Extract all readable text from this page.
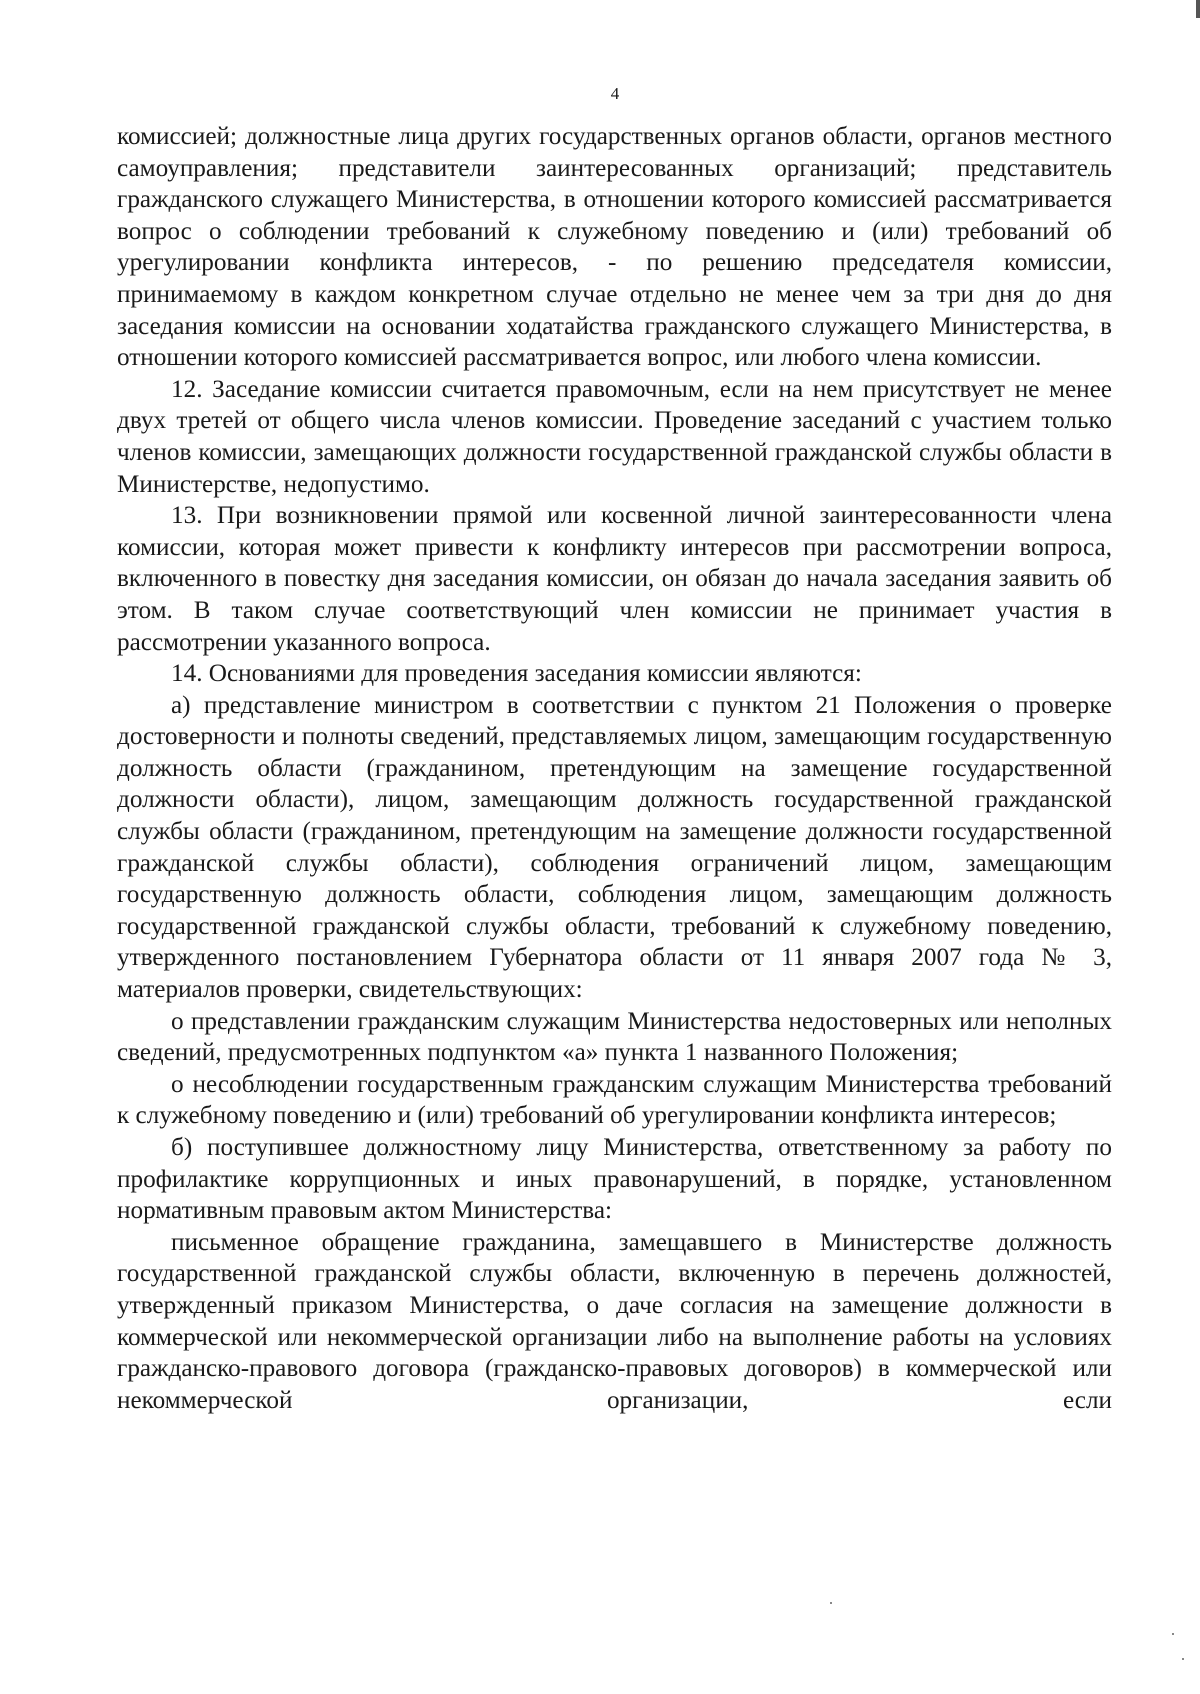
4

комиссией; должностные лица других государственных органов области, органов местного самоуправления; представители заинтересованных организаций; представитель гражданского служащего Министерства, в отношении которого комиссией рассматривается вопрос о соблюдении требований к служебному поведению и (или) требований об урегулировании конфликта интересов, - по решению председателя комиссии, принимаемому в каждом конкретном случае отдельно не менее чем за три дня до дня заседания комиссии на основании ходатайства гражданского служащего Министерства, в отношении которого комиссией рассматривается вопрос, или любого члена комиссии.

12. Заседание комиссии считается правомочным, если на нем присутствует не менее двух третей от общего числа членов комиссии. Проведение заседаний с участием только членов комиссии, замещающих должности государственной гражданской службы области в Министерстве, недопустимо.

13. При возникновении прямой или косвенной личной заинтересованности члена комиссии, которая может привести к конфликту интересов при рассмотрении вопроса, включенного в повестку дня заседания комиссии, он обязан до начала заседания заявить об этом. В таком случае соответствующий член комиссии не принимает участия в рассмотрении указанного вопроса.

14. Основаниями для проведения заседания комиссии являются:

а) представление министром в соответствии с пунктом 21 Положения о проверке достоверности и полноты сведений, представляемых лицом, замещающим государственную должность области (гражданином, претендующим на замещение государственной должности области), лицом, замещающим должность государственной гражданской службы области (гражданином, претендующим на замещение должности государственной гражданской службы области), соблюдения ограничений лицом, замещающим государственную должность области, соблюдения лицом, замещающим должность государственной гражданской службы области, требований к служебному поведению, утвержденного постановлением Губернатора области от 11 января 2007 года № 3, материалов проверки, свидетельствующих:

о представлении гражданским служащим Министерства недостоверных или неполных сведений, предусмотренных подпунктом «а» пункта 1 названного Положения;

о несоблюдении государственным гражданским служащим Министерства требований к служебному поведению и (или) требований об урегулировании конфликта интересов;

б) поступившее должностному лицу Министерства, ответственному за работу по профилактике коррупционных и иных правонарушений, в порядке, установленном нормативным правовым актом Министерства:

письменное обращение гражданина, замещавшего в Министерстве должность государственной гражданской службы области, включенную в перечень должностей, утвержденный приказом Министерства, о даче согласия на замещение должности в коммерческой или некоммерческой организации либо на выполнение работы на условиях гражданско-правового договора (гражданско-правовых договоров) в коммерческой или некоммерческой организации, если
